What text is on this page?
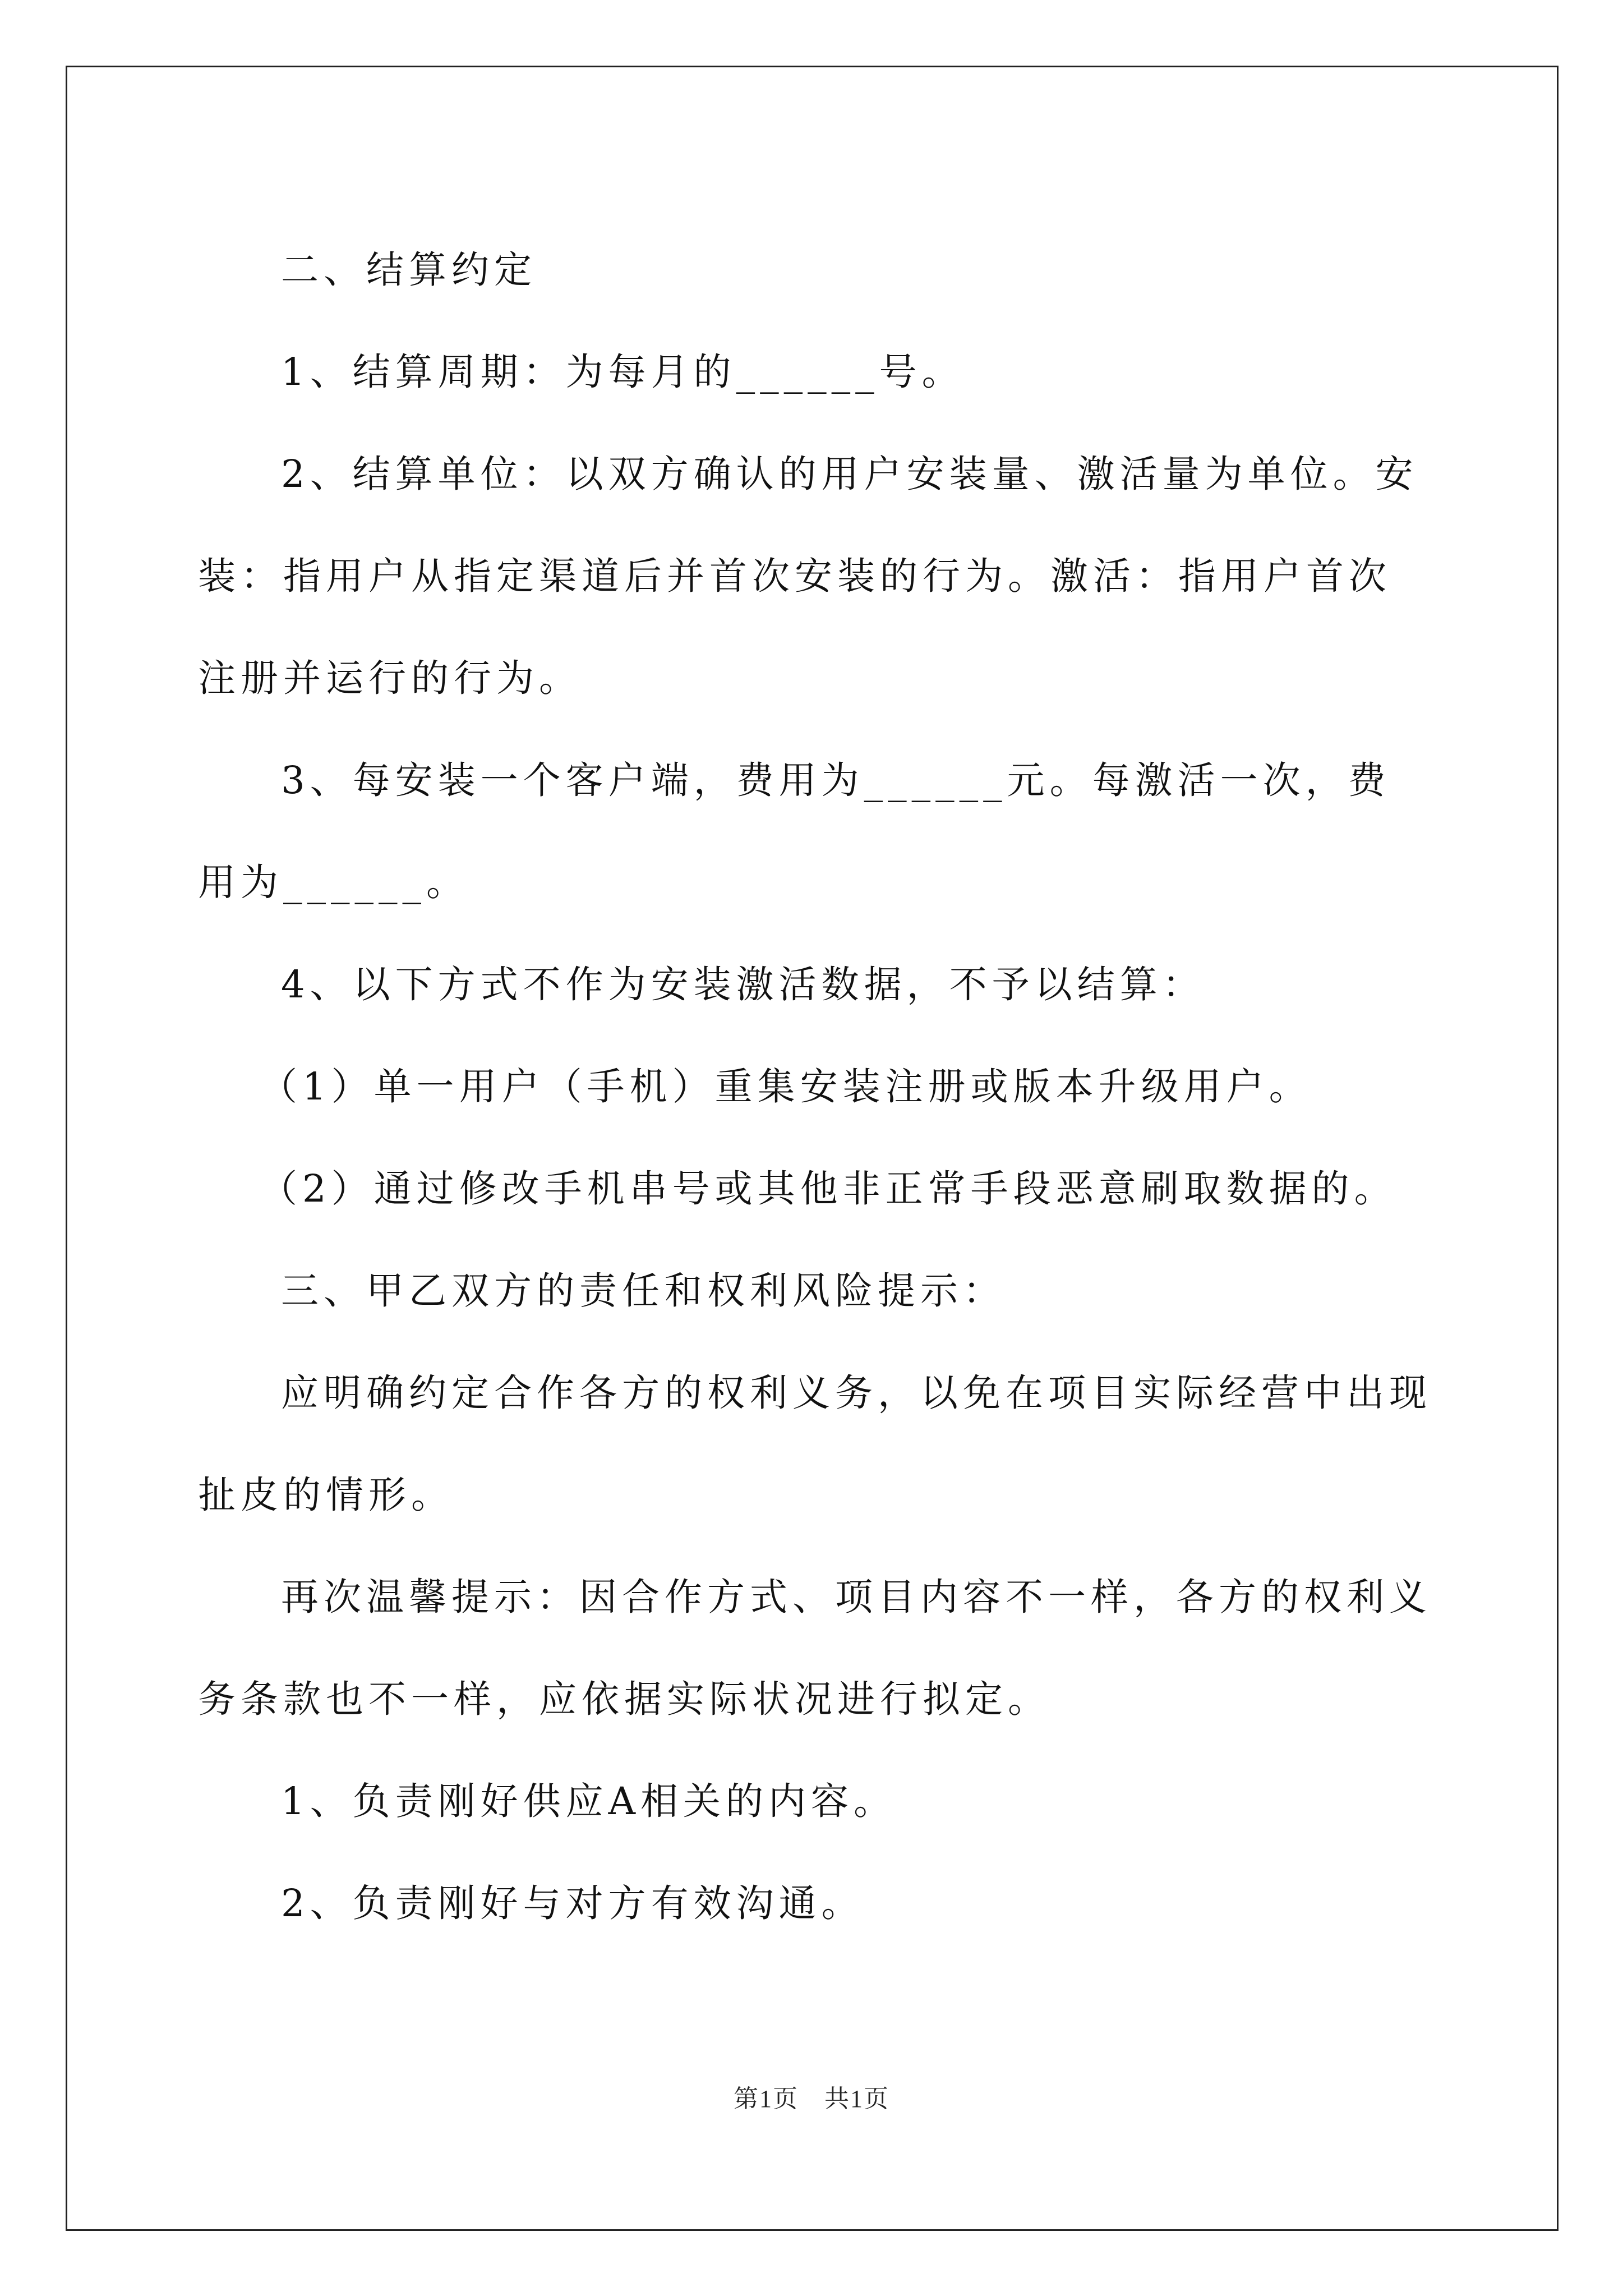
二、结算约定

1、结算周期：为每月的______号。

2、结算单位：以双方确认的用户安装量、激活量为单位。安装：指用户从指定渠道后并首次安装的行为。激活：指用户首次注册并运行的行为。

3、每安装一个客户端，费用为______元。每激活一次，费用为______。

4、以下方式不作为安装激活数据，不予以结算：

（1）单一用户（手机）重集安装注册或版本升级用户。

（2）通过修改手机串号或其他非正常手段恶意刷取数据的。

三、甲乙双方的责任和权利风险提示：

应明确约定合作各方的权利义务，以免在项目实际经营中出现扯皮的情形。

再次温馨提示：因合作方式、项目内容不一样，各方的权利义务条款也不一样，应依据实际状况进行拟定。

1、负责刚好供应A相关的内容。

2、负责刚好与对方有效沟通。

第1页 共1页
